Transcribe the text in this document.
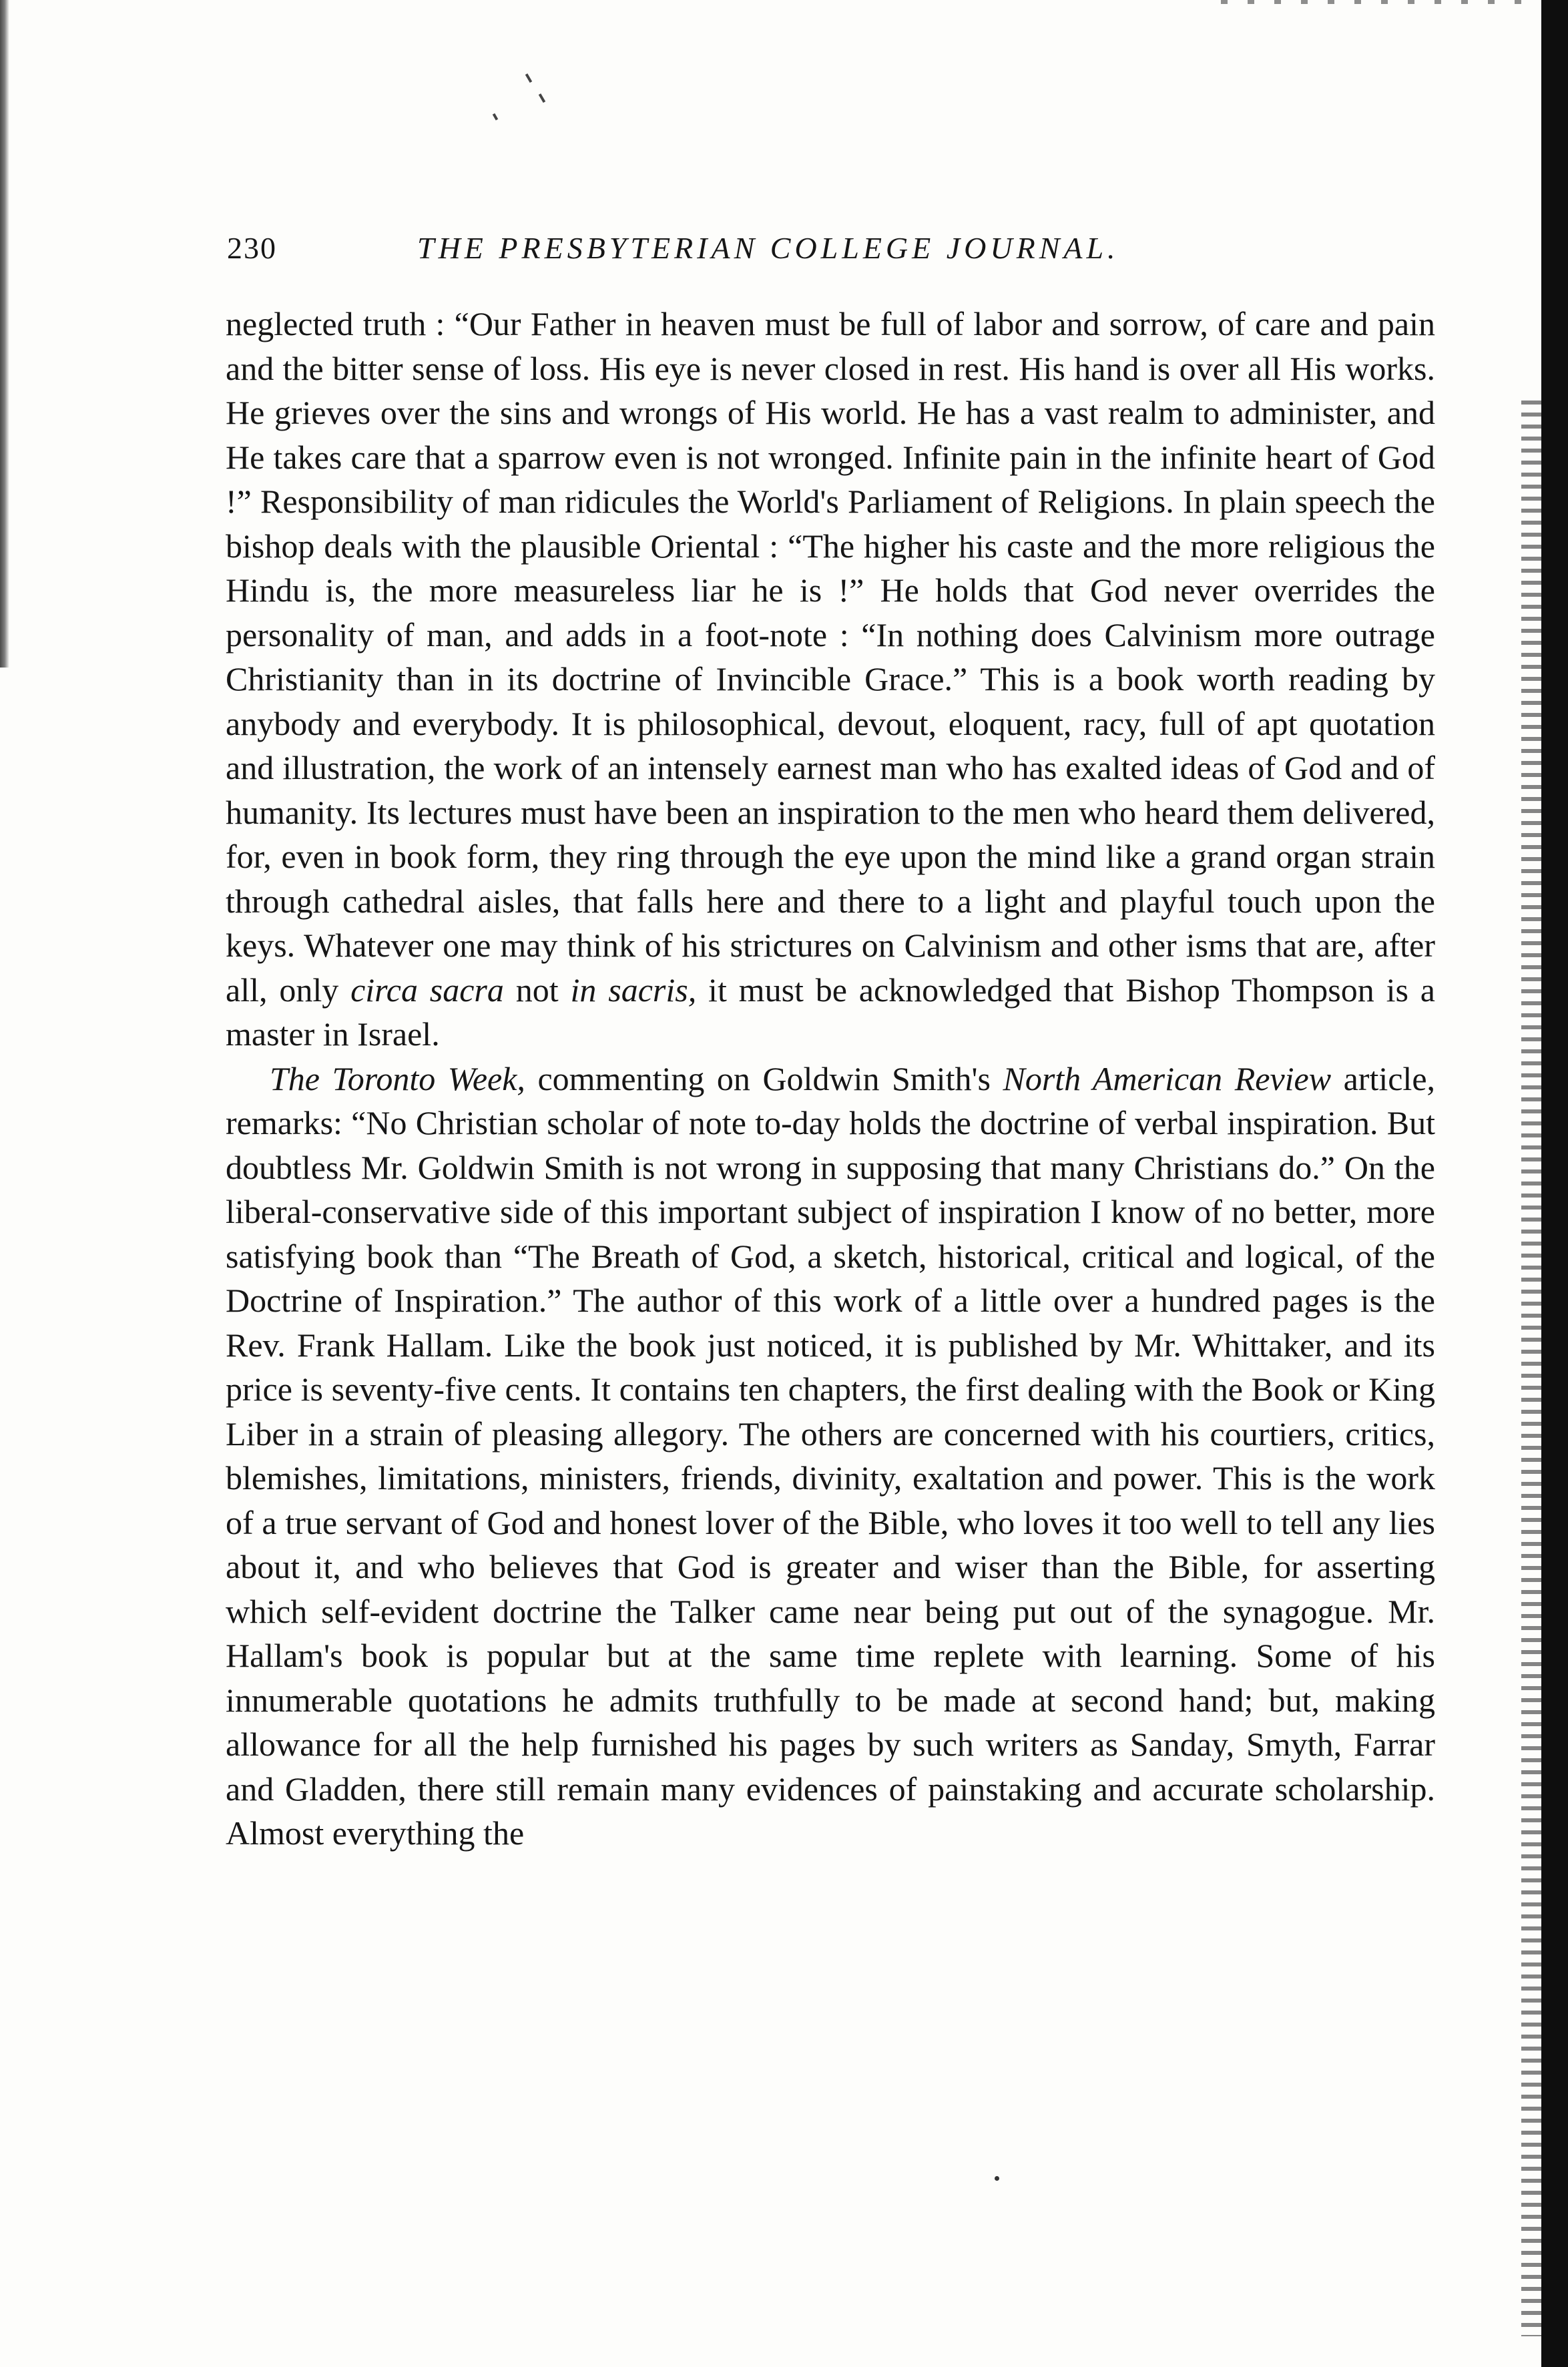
230	THE PRESBYTERIAN COLLEGE JOURNAL.

neglected truth : “Our Father in heaven must be full of labor and sorrow, of care and pain and the bitter sense of loss. His eye is never closed in rest. His hand is over all His works. He grieves over the sins and wrongs of His world. He has a vast realm to administer, and He takes care that a sparrow even is not wronged. Infinite pain in the infinite heart of God !” Responsibility of man ridicules the World's Parliament of Religions. In plain speech the bishop deals with the plausible Oriental : “The higher his caste and the more religious the Hindu is, the more measureless liar he is !” He holds that God never overrides the personality of man, and adds in a foot-note : “In nothing does Calvinism more outrage Christianity than in its doctrine of Invincible Grace.” This is a book worth reading by anybody and everybody. It is philosophical, devout, eloquent, racy, full of apt quotation and illustration, the work of an intensely earnest man who has exalted ideas of God and of humanity. Its lectures must have been an inspiration to the men who heard them delivered, for, even in book form, they ring through the eye upon the mind like a grand organ strain through cathedral aisles, that falls here and there to a light and playful touch upon the keys. Whatever one may think of his strictures on Calvinism and other isms that are, after all, only circa sacra not in sacris, it must be acknowledged that Bishop Thompson is a master in Israel.

The Toronto Week, commenting on Goldwin Smith's North American Review article, remarks: “No Christian scholar of note to-day holds the doctrine of verbal inspiration. But doubtless Mr. Goldwin Smith is not wrong in supposing that many Christians do.” On the liberal-conservative side of this important subject of inspiration I know of no better, more satisfying book than “The Breath of God, a sketch, historical, critical and logical, of the Doctrine of Inspiration.” The author of this work of a little over a hundred pages is the Rev. Frank Hallam. Like the book just noticed, it is published by Mr. Whittaker, and its price is seventy-five cents. It contains ten chapters, the first dealing with the Book or King Liber in a strain of pleasing allegory. The others are concerned with his courtiers, critics, blemishes, limitations, ministers, friends, divinity, exaltation and power. This is the work of a true servant of God and honest lover of the Bible, who loves it too well to tell any lies about it, and who believes that God is greater and wiser than the Bible, for asserting which self-evident doctrine the Talker came near being put out of the synagogue. Mr. Hallam's book is popular but at the same time replete with learning. Some of his innumerable quotations he admits truthfully to be made at second hand; but, making allowance for all the help furnished his pages by such writers as Sanday, Smyth, Farrar and Gladden, there still remain many evidences of painstaking and accurate scholarship. Almost everything the
